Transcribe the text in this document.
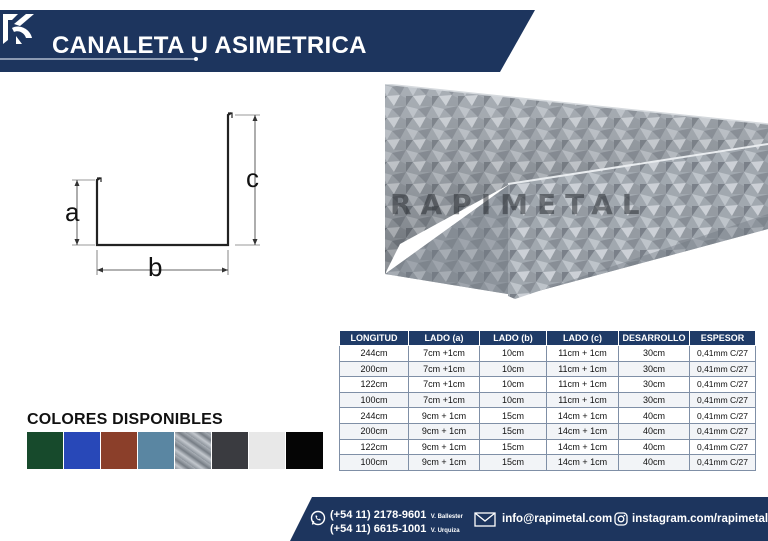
CANALETA U ASIMETRICA
a
b
c
RAPIMETAL
LONGITUD	LADO (a)	LADO (b)	LADO (c)	DESARROLLO	ESPESOR
244cm	7cm +1cm	10cm	11cm + 1cm	30cm	0,41mm C/27
200cm	7cm +1cm	10cm	11cm + 1cm	30cm	0,41mm C/27
122cm	7cm +1cm	10cm	11cm + 1cm	30cm	0,41mm C/27
100cm	7cm +1cm	10cm	11cm + 1cm	30cm	0,41mm C/27
244cm	9cm + 1cm	15cm	14cm + 1cm	40cm	0,41mm C/27
200cm	9cm + 1cm	15cm	14cm + 1cm	40cm	0,41mm C/27
122cm	9cm + 1cm	15cm	14cm + 1cm	40cm	0,41mm C/27
100cm	9cm + 1cm	15cm	14cm + 1cm	40cm	0,41mm C/27
COLORES DISPONIBLES
(+54 11) 2178-9601 V. Ballester
(+54 11) 6615-1001 V. Urquiza
info@rapimetal.com instagram.com/rapimetal
